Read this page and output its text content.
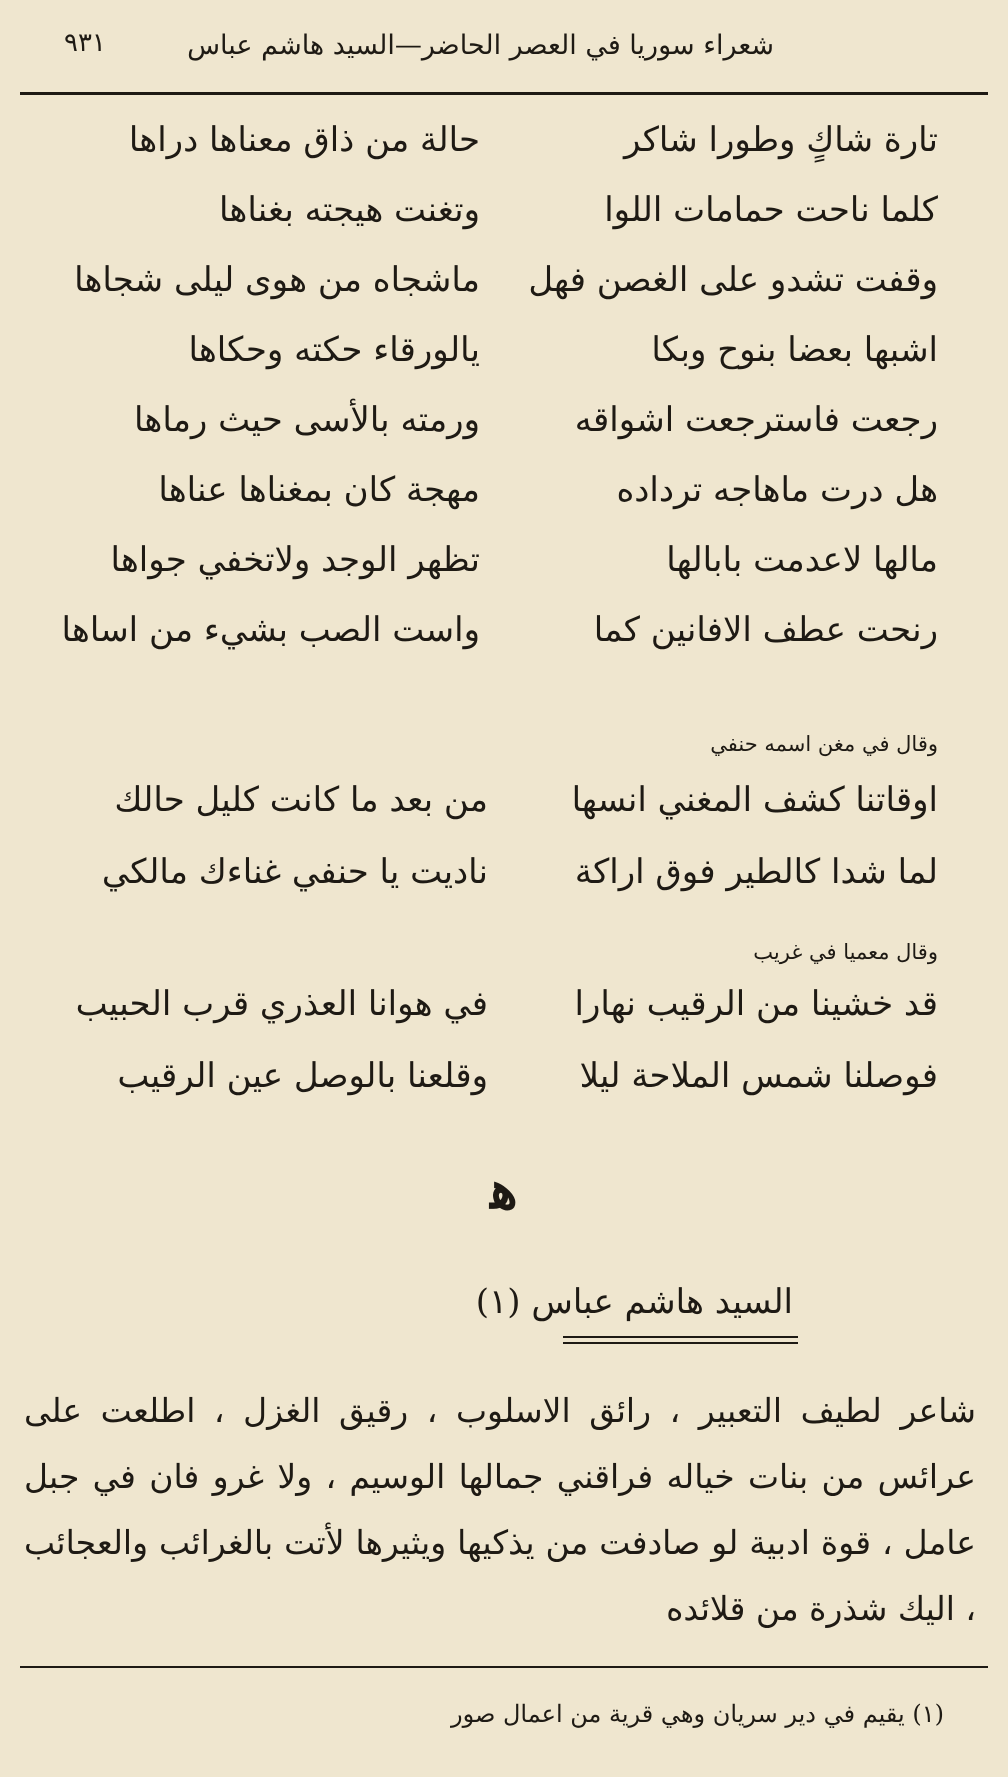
شعراء سوريا في العصر الحاضر—السيد هاشم عباس
٩٣١
تارة شاكٍ وطورا شاكر
حالة من ذاق معناها دراها
كلما ناحت حمامات اللوا
وتغنت هيجته بغناها
وقفت تشدو على الغصن فهل
ماشجاه من هوى ليلى شجاها
اشبها بعضا بنوح وبكا
يالورقاء حكته وحكاها
رجعت فاسترجعت اشواقه
ورمته بالأسى حيث رماها
هل درت ماهاجه ترداده
مهجة كان بمغناها عناها
مالها لاعدمت بابالها
تظهر الوجد ولاتخفي جواها
رنحت عطف الافانين كما
واست الصب بشيء من اساها
وقال في مغن اسمه حنفي
اوقاتنا كشف المغني انسها
من بعد ما كانت كليل حالك
لما شدا كالطير فوق اراكة
ناديت يا حنفي غناءك مالكي
وقال معميا في غريب
قد خشينا من الرقيب نهارا
في هوانا العذري قرب الحبيب
فوصلنا شمس الملاحة ليلا
وقلعنا بالوصل عين الرقيب
ﻫ
السيد هاشم عباس (١)
شاعر لطيف التعبير ، رائق الاسلوب ، رقيق الغزل ، اطلعت على عرائس من بنات خياله فراقني جمالها الوسيم ، ولا غرو فان في جبل عامل ، قوة ادبية لو صادفت من يذكيها ويثيرها لأتت بالغرائب والعجائب ، اليك شذرة من قلائده
(١) يقيم في دير سريان وهي قرية من اعمال صور
